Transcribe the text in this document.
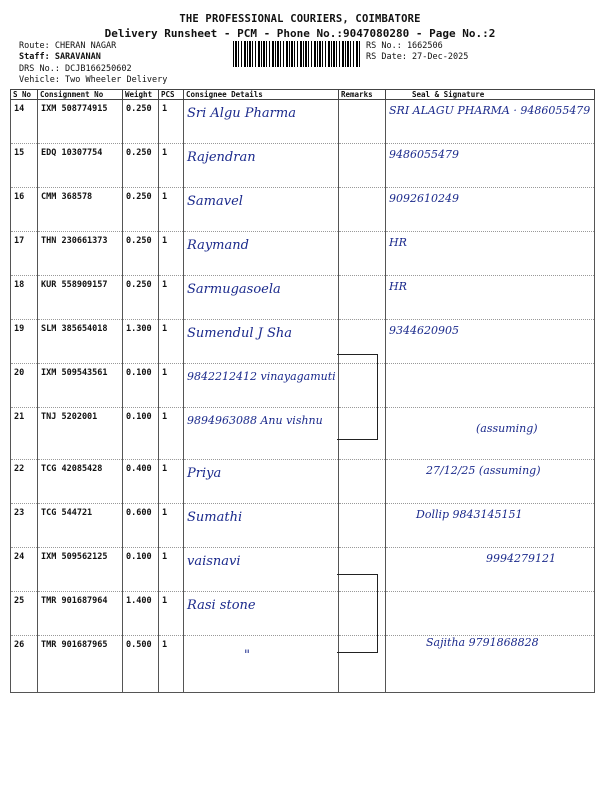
THE PROFESSIONAL COURIERS, COIMBATORE
Delivery Runsheet - PCM - Phone No.:9047080280 - Page No.:2
Route: CHERAN NAGAR
Staff: SARAVANAN
DRS No.: DCJB166250602
Vehicle: Two Wheeler Delivery
RS No.: 1662506
RS Date: 27-Dec-2025
S No	Consignment No	Weight	PCS	Consignee Details	Remarks	Seal & Signature
14	IXM 508774915	0.250	1	Sri Algu Pharma		SRI ALAGU PHARMA · 9486055479
15	EDQ 10307754	0.250	1	Rajendran		9486055479
16	CMM 368578	0.250	1	Samavel		9092610249
17	THN 230661373	0.250	1	Raymand		HR
18	KUR 558909157	0.250	1	Sarmugasoela		HR
19	SLM 385654018	1.300	1	Sumendul J Sha		9344620905
20	IXM 509543561	0.100	1	9842212412 vinayagamuti		
21	TNJ 5202001	0.100	1	9894963088 Anu vishnu		(assuming)
22	TCG 42085428	0.400	1	Priya		27/12/25 (assuming)
23	TCG 544721	0.600	1	Sumathi		Dollip 9843145151
24	IXM 509562125	0.100	1	vaisnavi		9994279121
25	TMR 901687964	1.400	1	Rasi stone		
26	TMR 901687965	0.500	1	"		Sajitha 9791868828
